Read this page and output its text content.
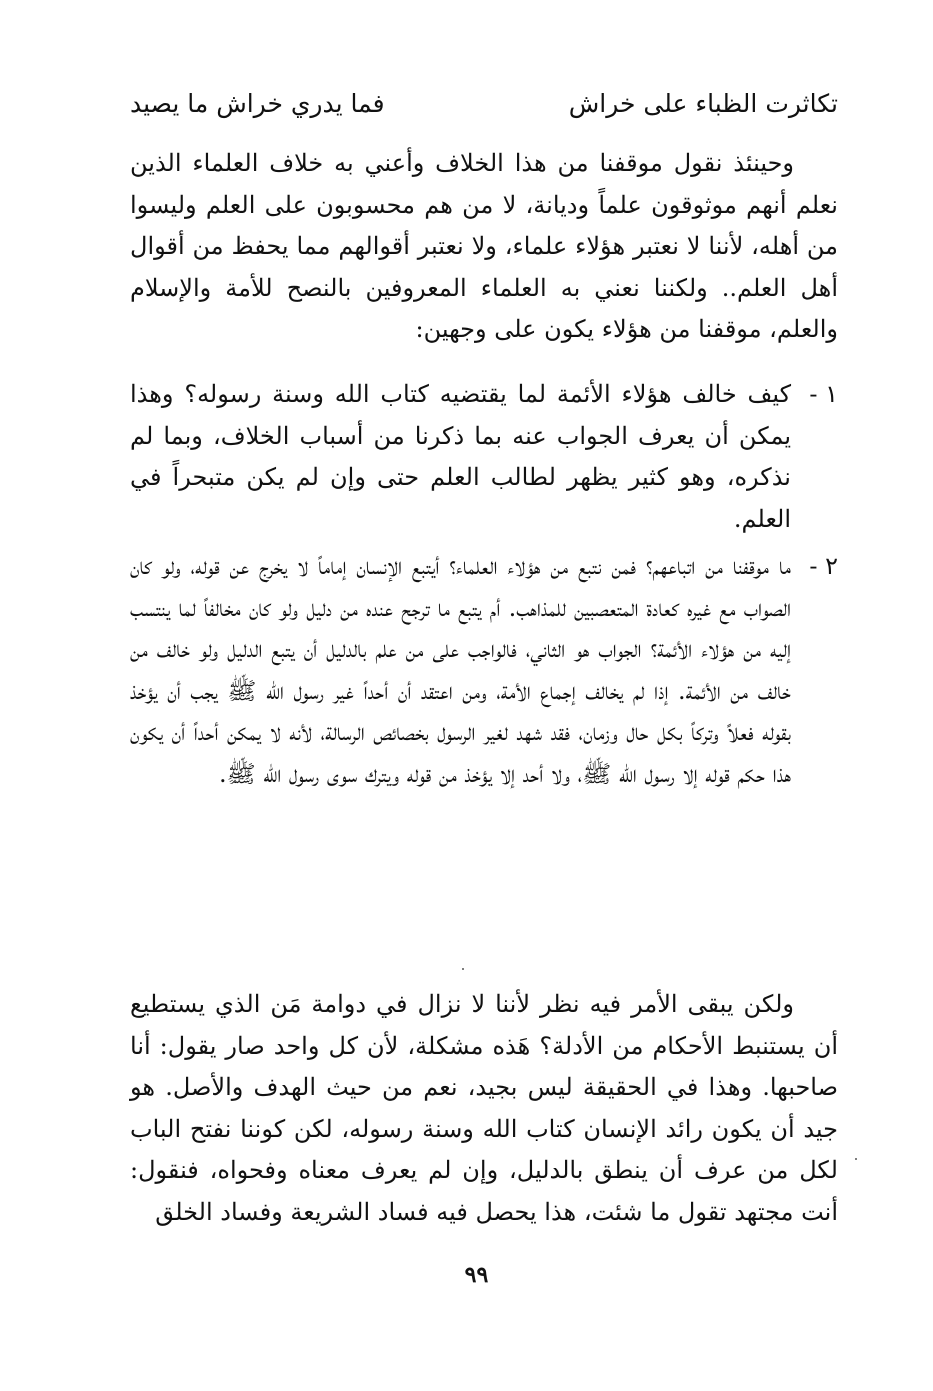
تكاثرت الظباء على خراش
فما يدري خراش ما يصيد

وحينئذ نقول موقفنا من هذا الخلاف وأعني به خلاف العلماء الذين نعلم أنهم موثوقون علماً وديانة، لا من هم محسوبون على العلم وليسوا من أهله، لأننا لا نعتبر هؤلاء علماء، ولا نعتبر أقوالهم مما يحفظ من أقوال أهل العلم.. ولكننا نعني به العلماء المعروفين بالنصح للأمة والإسلام والعلم، موقفنا من هؤلاء يكون على وجهين:

١ -

كيف خالف هؤلاء الأئمة لما يقتضيه كتاب الله وسنة رسوله؟ وهذا يمكن أن يعرف الجواب عنه بما ذكرنا من أسباب الخلاف، وبما لم نذكره، وهو كثير يظهر لطالب العلم حتى وإن لم يكن متبحراً في العلم.

٢ -

ما موقفنا من اتباعهم؟ فمن نتبع من هؤلاء العلماء؟ أيتبع الإنسان إماماً لا يخرج عن قوله، ولو كان الصواب مع غيره كعادة المتعصبين للمذاهب. أم يتبع ما ترجح عنده من دليل ولو كان مخالفاً لما ينتسب إليه من هؤلاء الأئمة؟ الجواب هو الثاني، فالواجب على من علم بالدليل أن يتبع الدليل ولو خالف من خالف من الأئمة. إذا لم يخالف إجماع الأمة، ومن اعتقد أن أحداً غير رسول الله ﷺ يجب أن يؤخذ بقوله فعلاً وتركاً بكل حال وزمان، فقد شهد لغير الرسول بخصائص الرسالة، لأنه لا يمكن أحداً أن يكون هذا حكم قوله إلا رسول الله ﷺ، ولا أحد إلا يؤخذ من قوله ويترك سوى رسول الله ﷺ.

ولكن يبقى الأمر فيه نظر لأننا لا نزال في دوامة مَن الذي يستطيع أن يستنبط الأحكام من الأدلة؟ هَذه مشكلة، لأن كل واحد صار يقول: أنا صاحبها. وهذا في الحقيقة ليس بجيد، نعم من حيث الهدف والأصل. هو جيد أن يكون رائد الإنسان كتاب الله وسنة رسوله، لكن كوننا نفتح الباب لكل من عرف أن ينطق بالدليل، وإن لم يعرف معناه وفحواه، فنقول: أنت مجتهد تقول ما شئت، هذا يحصل فيه فساد الشريعة وفساد الخلق

٩٩
